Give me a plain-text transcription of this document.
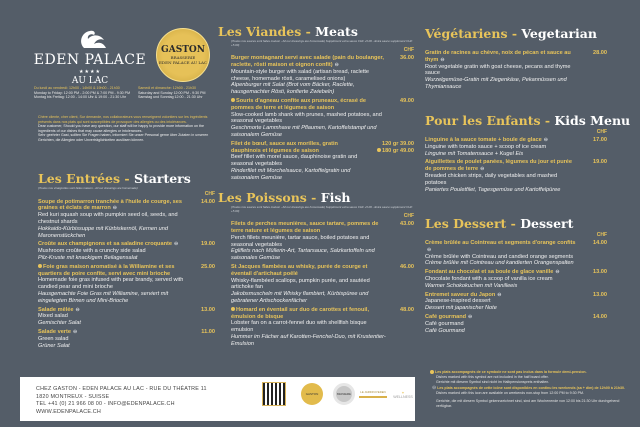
EDEN PALACE
★★★★
AU LAC
GASTON
BRASSERIE
EDEN PALACE AU LAC
Du lundi au vendredi: 12h00 - 14h00 & 19h00 - 21h30
Monday to Friday: 12:00 PM - 2:00 PM & 7:00 PM - 9:30 PM
Montag bis Freitag: 12:00 - 14:00 Uhr & 19:00 - 21:30 Uhr
Samedi et dimanche: 12h00 - 21h30
Saturday and Sunday 12:00 PM - 9:30 PM
Samstag und Sonntag 12:00 - 21:30 Uhr
Chère cliente, cher client, Sur demande, nos collaborateurs vous renseignent volontiers sur les ingrédients présents dans nos plats qui sont susceptibles de provoquer des allergies ou des intolérances.
Dear customer, Should you have any question, our staff will be happy to provide more information on the ingredients of our dishes that may cause allergies or intolerances.
Sehr geehrter Gast, sollten Sie Fragen haben, informiert Sie unser Personal gerne über Zutaten in unseren Gerichten, die Allergien oder Unverträglichkeiten auslösen können.
Les Entrées - Starters
(Toutes nos vinaigrettes sont faites maison - All our dressings are homemade)
CHF
Soupe de potimarron tranchée à l'huile de courge, ses graines et éclats de marron ⊖
Red kuri squash soup with pumpkin seed oil, seeds, and chestnut shards
Hokkaido-Kürbissuppe mit Kürbiskernöl, Kernen und Maronenstückchen
14.00
Croûte aux champignons et sa saladine croquante ⊖
Mushroom croûte with a crunchy side salad
Pilz-Kruste mit knackigem Beilagensalat
19.00
Foie gras maison aromatisé à la Williamine et ses quartiers de poire confite, servi avec mini brioche
Homemade foie gras infused with pear brandy, served with candied pear and mini brioche
Hausgemachte Foie Gras mit Williamine, serviert mit eingelegten Birnen und Mini-Brioche
25.00
Salade mêlée ⊖
Mixed salad
Gemischter Salat
13.00
Salade verte ⊖
Green salad
Grüner Salat
11.00
Les Viandes - Meats
(Toutes nos sauces sont faites maison - All our dressings are homemade) Supplément extra sauce CHF +5.00 - Extra sauce supplement CHF +5.00)
CHF
Burger montagnard servi avec salade (pain du boulanger, raclette, rösti maison et oignon confit) ⊖
Mountain-style burger with salad (artisan bread, raclette cheese, homemade rösti, caramelised onions)
Alpenburger mit Salat (Brot vom Bäcker, Raclette, hausgemachter Rösti, konfierte Zwiebeln)
36.00
Souris d'agneau confite aux pruneaux, écrasé de pommes de terre et légumes de saison
Slow-cooked lamb shank with prunes, mashed potatoes, and seasonal vegetables
Geschmorte Lammhaxe mit Pflaumen, Kartoffelstampf und saisonalem Gemüse
49.00
Filet de bœuf, sauce aux morilles, gratin dauphinois et légumes de saison
Beef fillet with morel sauce, dauphinoise gratin and seasonal vegetables
Rinderfilet mit Morchelsauce, Kartoffelgratin und saisonalem Gemüse
120 gr 39.00
180 gr 49.00
Les Poissons - Fish
(Toutes nos sauces sont faites maison - All our dressings are homemade) Supplément extra sauce CHF +5.00 - Extra sauce supplement CHF +5.00)
CHF
Filets de perches meunières, sauce tartare, pommes de terre nature et légumes de saison
Perch fillets meunière, tartar sauce, boiled potatoes and seasonal vegetables
Egliflets nach Müllerin-Art, Tartarsauce, Salzkartoffeln und saisonales Gemüse
43.00
St Jacques flambées au whisky, purée de courge et éventail d'artichaut poêlé
Whisky-flambéed scallops, pumpkin purée, and sautéed artichoke fan
Jakobsmuscheln mit Whisky flambiert, Kürbispüree und gebratener Artischockenfächer
46.00
Homard en éventail sur duo de carottes et fenouil, émulsion de bisque
Lobster fan on a carrot-fennel duo with shellfish bisque emulsion
Hummer im Fächer auf Karotten-Fenchel-Duo, mit Krustentier-Emulsion
48.00
Végétariens - Vegetarian
Gratin de racines au chèvre, noix de pécan et sauce au thym ⊖
Root vegetable gratin with goat cheese, pecans and thyme sauce
Wurzelgemüse-Gratin mit Ziegenkäse, Pekannüssen und Thymiansauce
28.00
Pour les Enfants - Kids Menu
CHF
Linguine à la sauce tomate + boule de glace ⊖
Linguine with tomato sauce + scoop of ice cream
Linguine mit Tomatensauce + Kugel Eis
17.00
Aiguillettes de poulet panées, légumes du jour et purée de pommes de terre ⊖
Breaded chicken strips, daily vegetables and mashed potatoes
Paniertes Pouletfilet, Tagesgemüse und Kartoffelpüree
19.00
Les Dessert - Dessert
CHF
Crème brûlée au Cointreau et segments d'orange confits⊖
Crème brûlée with Cointreau and candied orange segments
Crème brûlée mit Cointreau und kandierten Orangenspalten
14.00
Fondant au chocolat et sa boule de glace vanille ⊖
Chocolate fondant with a scoop of vanilla ice cream
Warmer Schokokuchen mit Vanilleeis
13.00
Entremet saveur du Japon ⊖
Japanese-inspired dessert
Dessert mit japanischer Note
13.00
Café gourmand ⊖
Café gourmand
Café Gourmand
14.00
Les plats accompagnés de ce symbole ne sont pas inclus dans la formule demi-pension.
Dishes marked with this symbol are not included in the half board offer.
Gerichte mit diesem Symbol sind nicht im Halbpensionspreis enthalten.
⊖ Les plats accompagnés de cette icône sont disponibles en continu les weekends (sa + dim) de 12h00 à 21h30.
Dishes marked with this icon are available on weekends non-stop from 12:00 PM to 9:30 PM.
Gerichte, die mit diesem Symbol gekennzeichnet sind, sind am Wochenende von 12:00 bis 21:30 Uhr durchgehend verfügbar.
CHEZ GASTON - EDEN PALACE AU LAC - RUE DU THÉATRE 11
1820 MONTREUX - SUISSE
TEL +41 (0) 21 966 08 00 - INFO@EDENPALACE.CH
WWW.EDENPALACE.CH
GASTON	BRASSERIE
LE JARDIN D'EDEN	✦
WELLNESS
